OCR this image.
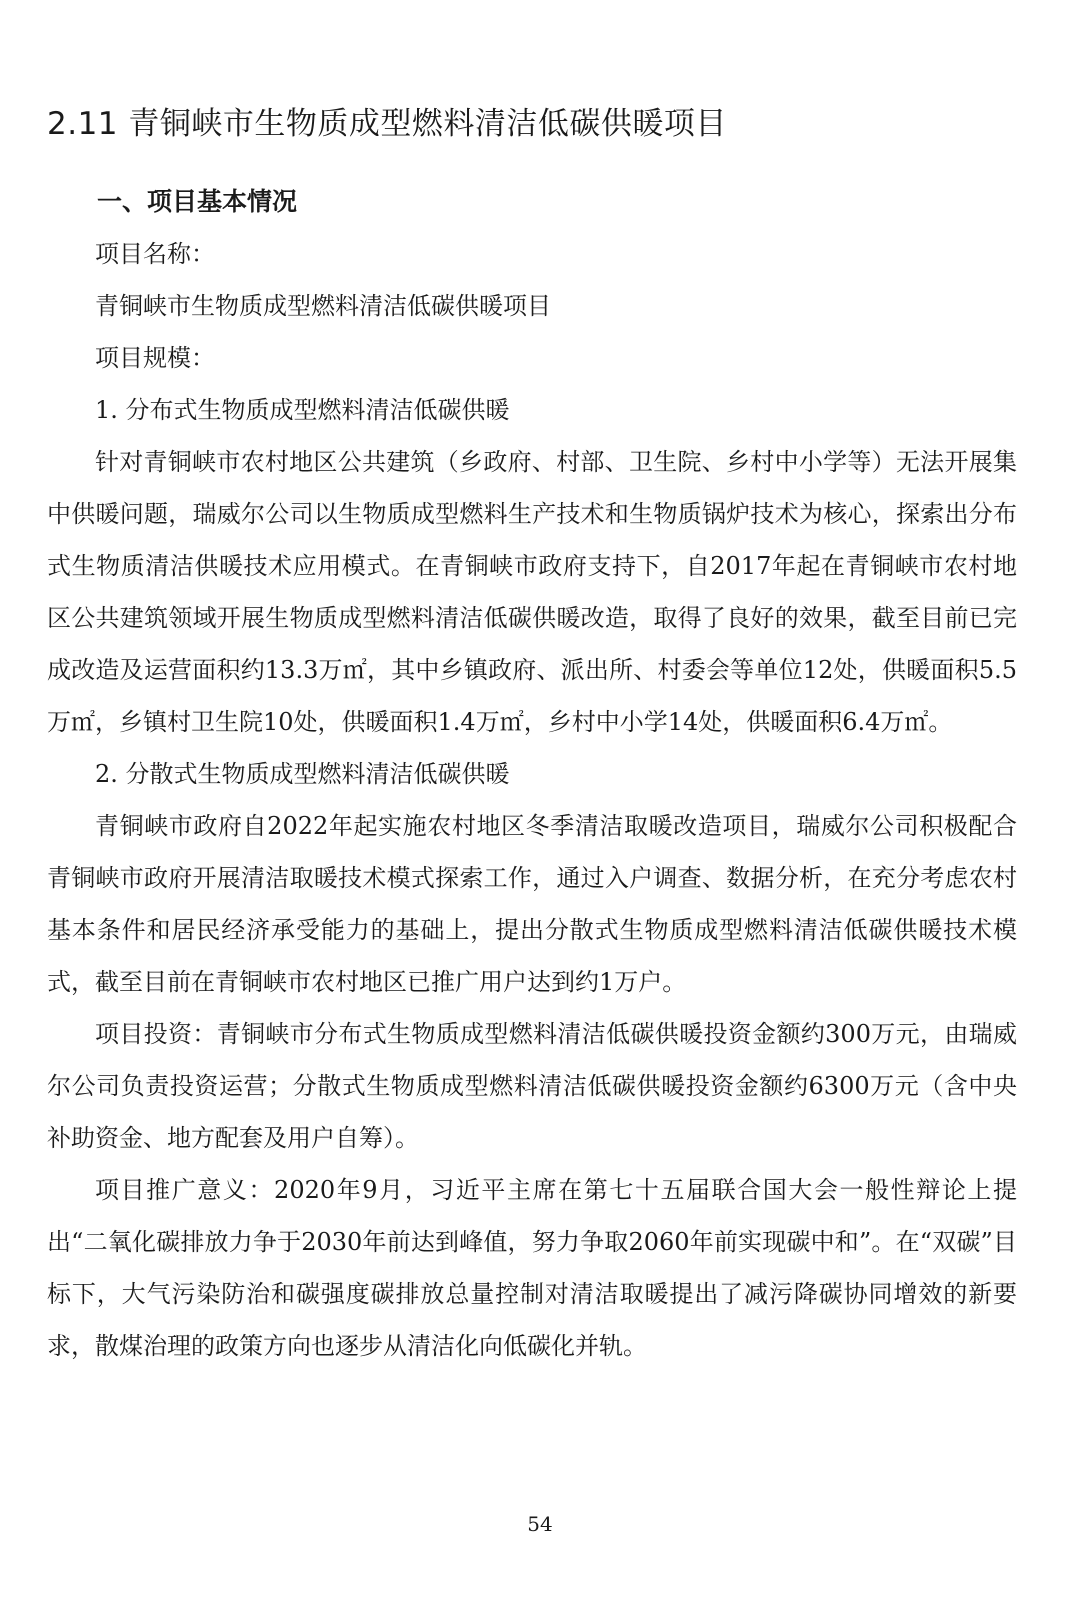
2.11 青铜峡市生物质成型燃料清洁低碳供暖项目
一、项目基本情况

项目名称：

青铜峡市生物质成型燃料清洁低碳供暖项目

项目规模：

1. 分布式生物质成型燃料清洁低碳供暖

针对青铜峡市农村地区公共建筑（乡政府、村部、卫生院、乡村中小学等）无法开展集中供暖问题，瑞威尔公司以生物质成型燃料生产技术和生物质锅炉技术为核心，探索出分布式生物质清洁供暖技术应用模式。在青铜峡市政府支持下，自2017年起在青铜峡市农村地区公共建筑领域开展生物质成型燃料清洁低碳供暖改造，取得了良好的效果，截至目前已完成改造及运营面积约13.3万㎡，其中乡镇政府、派出所、村委会等单位12处，供暖面积5.5万㎡，乡镇村卫生院10处，供暖面积1.4万㎡，乡村中小学14处，供暖面积6.4万㎡。

2. 分散式生物质成型燃料清洁低碳供暖

青铜峡市政府自2022年起实施农村地区冬季清洁取暖改造项目，瑞威尔公司积极配合青铜峡市政府开展清洁取暖技术模式探索工作，通过入户调查、数据分析，在充分考虑农村基本条件和居民经济承受能力的基础上，提出分散式生物质成型燃料清洁低碳供暖技术模式，截至目前在青铜峡市农村地区已推广用户达到约1万户。

项目投资：青铜峡市分布式生物质成型燃料清洁低碳供暖投资金额约300万元，由瑞威尔公司负责投资运营；分散式生物质成型燃料清洁低碳供暖投资金额约6300万元（含中央补助资金、地方配套及用户自筹）。

项目推广意义：2020年9月，习近平主席在第七十五届联合国大会一般性辩论上提出“二氧化碳排放力争于2030年前达到峰值，努力争取2060年前实现碳中和”。在“双碳”目标下，大气污染防治和碳强度碳排放总量控制对清洁取暖提出了减污降碳协同增效的新要求，散煤治理的政策方向也逐步从清洁化向低碳化并轨。

54
